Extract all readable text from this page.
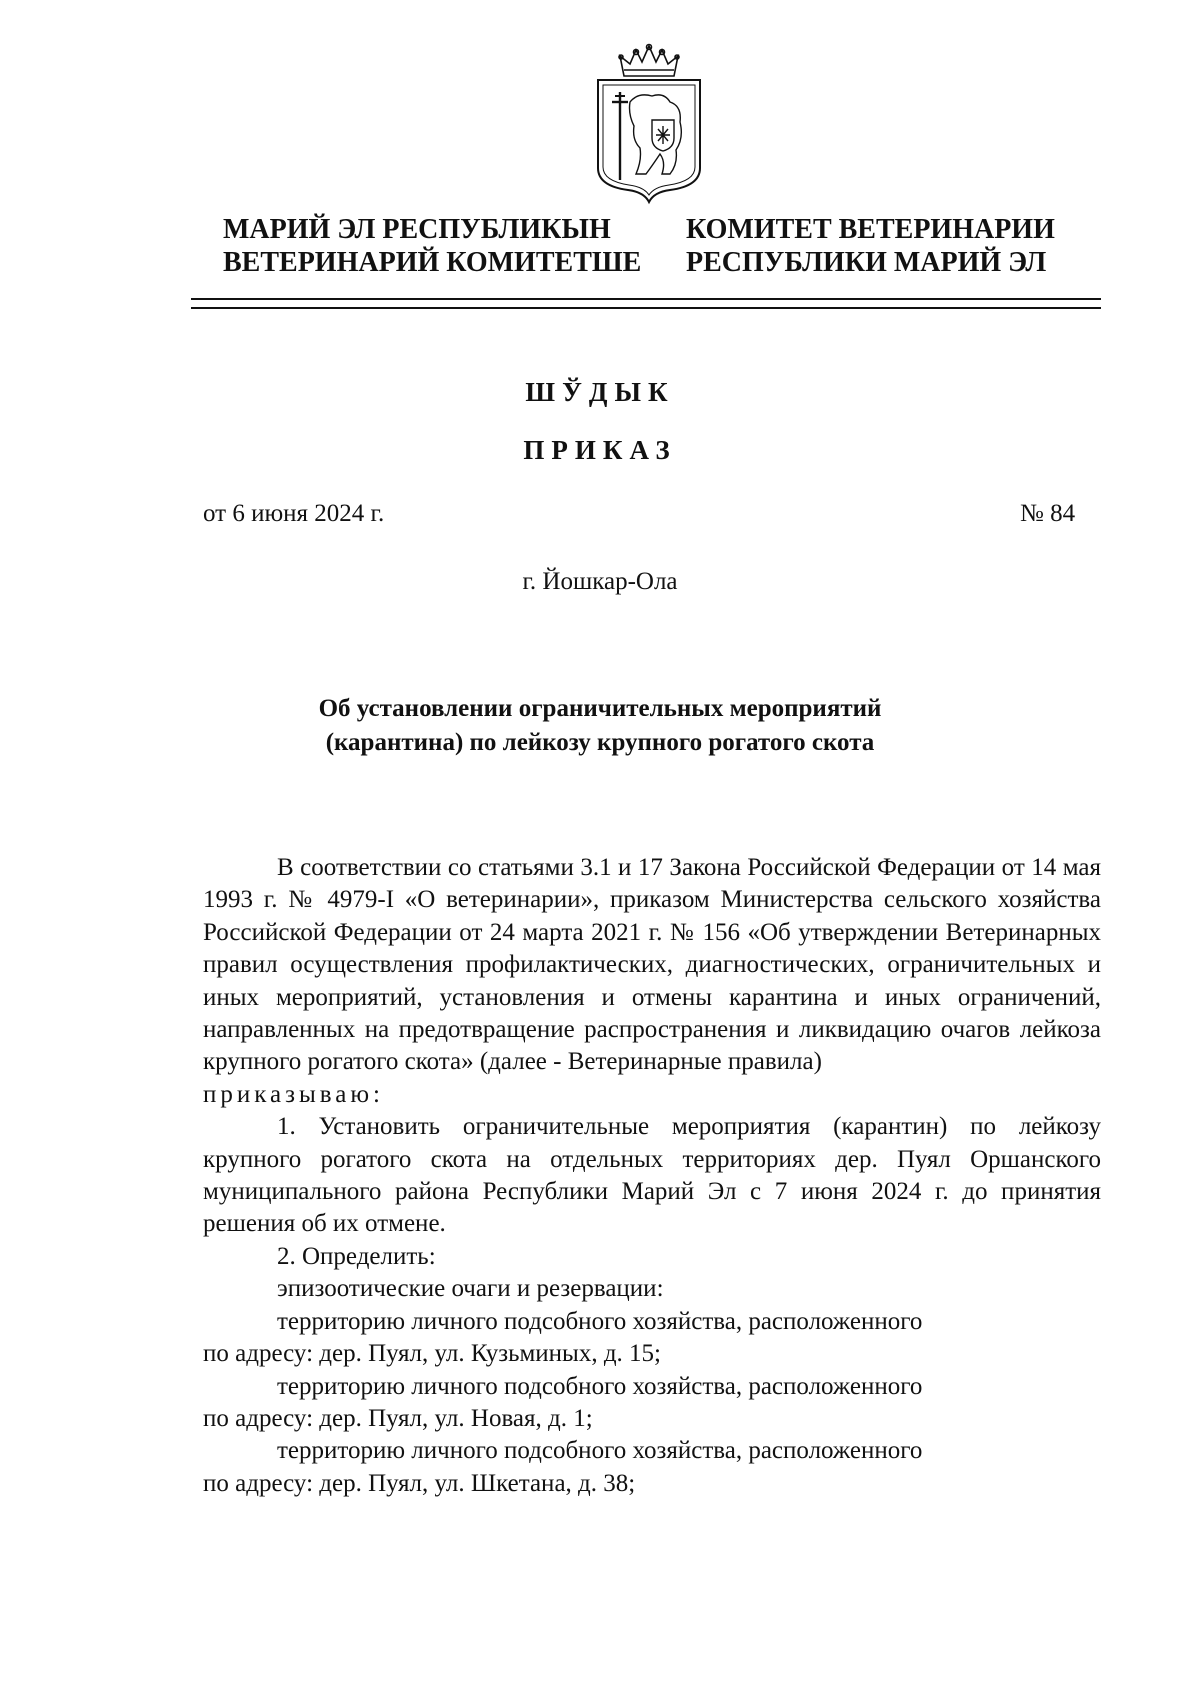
МАРИЙ ЭЛ РЕСПУБЛИКЫН
ВЕТЕРИНАРИЙ КОМИТЕТШЕ
КОМИТЕТ ВЕТЕРИНАРИИ
РЕСПУБЛИКИ МАРИЙ ЭЛ
ШЎДЫК
ПРИКАЗ
от 6 июня 2024 г.	№ 84
г. Йошкар-Ола
Об установлении ограничительных мероприятий
(карантина) по лейкозу крупного рогатого скота

В соответствии со статьями 3.1 и 17 Закона Российской Федерации от 14 мая 1993 г. № 4979-I «О ветеринарии», приказом Министерства сельского хозяйства Российской Федерации от 24 марта 2021 г. № 156 «Об утверждении Ветеринарных правил осуществления профилактических, диагностических, ограничительных и иных мероприятий, установления и отмены карантина и иных ограничений, направленных на предотвращение распространения и ликвидацию очагов лейкоза крупного рогатого скота» (далее - Ветеринарные правила)

приказываю:

1. Установить ограничительные мероприятия (карантин) по лейкозу крупного рогатого скота на отдельных территориях дер. Пуял Оршанского муниципального района Республики Марий Эл с 7 июня 2024 г. до принятия решения об их отмене.

2. Определить:

эпизоотические очаги и резервации:

территорию личного подсобного хозяйства, расположенного

по адресу: дер. Пуял, ул. Кузьминых, д. 15;

территорию личного подсобного хозяйства, расположенного

по адресу: дер. Пуял, ул. Новая, д. 1;

территорию личного подсобного хозяйства, расположенного

по адресу: дер. Пуял, ул. Шкетана, д. 38;
